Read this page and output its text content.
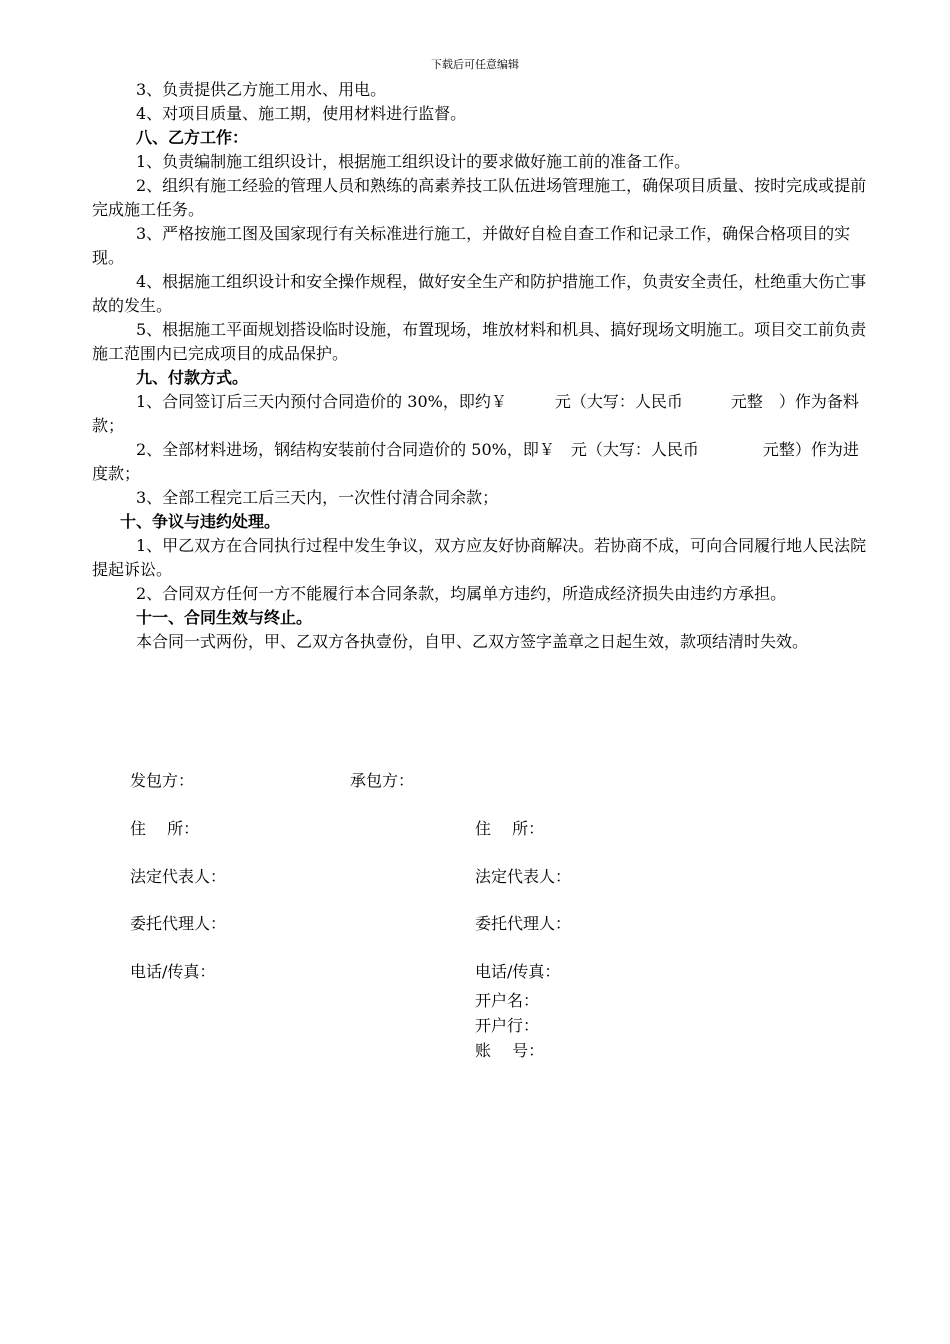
下载后可任意编辑

3、负责提供乙方施工用水、用电。

4、对项目质量、施工期，使用材料进行监督。

八、乙方工作：

1、负责编制施工组织设计，根据施工组织设计的要求做好施工前的准备工作。

2、组织有施工经验的管理人员和熟练的高素养技工队伍进场管理施工，确保项目质量、按时完成或提前完成施工任务。

3、严格按施工图及国家现行有关标准进行施工，并做好自检自查工作和记录工作，确保合格项目的实现。

4、根据施工组织设计和安全操作规程，做好安全生产和防护措施工作，负责安全责任，杜绝重大伤亡事故的发生。

5、根据施工平面规划搭设临时设施，布置现场，堆放材料和机具、搞好现场文明施工。项目交工前负责施工范围内已完成项目的成品保护。

九、付款方式。

1、合同签订后三天内预付合同造价的 30%，即约￥　　　元（大写：人民币　　　元整　）作为备料款；

2、全部材料进场，钢结构安装前付合同造价的 50%，即￥　元（大写：人民币　　　　元整）作为进度款；

3、全部工程完工后三天内，一次性付清合同余款；

十、争议与违约处理。

1、甲乙双方在合同执行过程中发生争议，双方应友好协商解决。若协商不成，可向合同履行地人民法院提起诉讼。

2、合同双方任何一方不能履行本合同条款，均属单方违约，所造成经济损失由违约方承担。

十一、合同生效与终止。

本合同一式两份，甲、乙双方各执壹份，自甲、乙双方签字盖章之日起生效，款项结清时失效。

发包方：	承包方：
住　 所：	住　 所：
法定代表人：	法定代表人：
委托代理人：	委托代理人：
电话/传真：	电话/传真：
开户名：
开户行：
账　 号：
